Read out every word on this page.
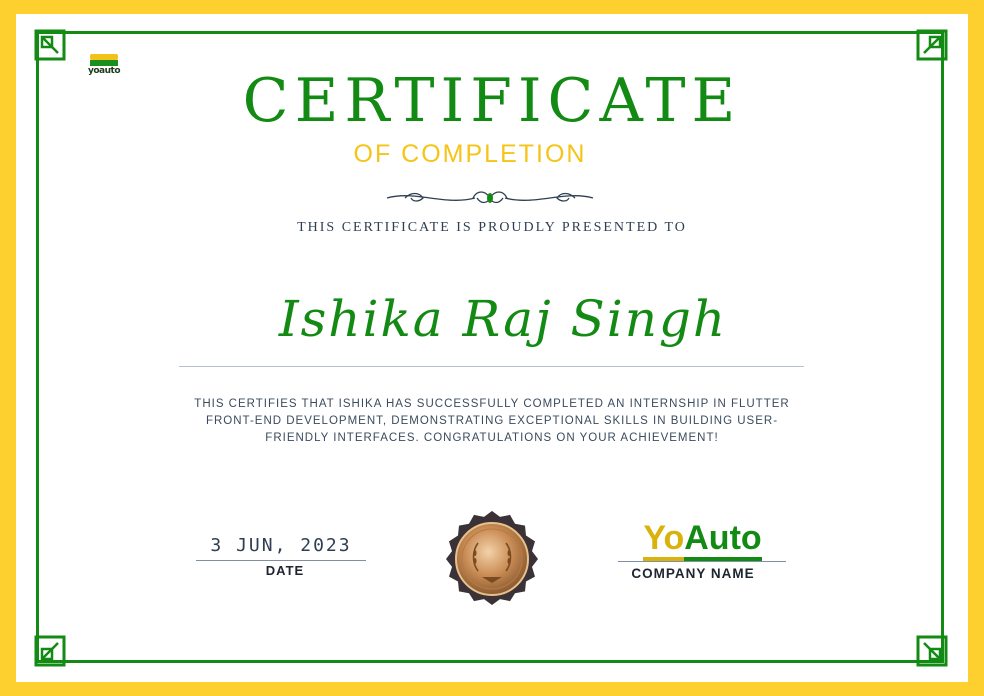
yoauto	CERTIFICATE
OF COMPLETION
THIS CERTIFICATE IS PROUDLY PRESENTED TO
Ishika Raj Singh
THIS CERTIFIES THAT ISHIKA HAS SUCCESSFULLY COMPLETED AN INTERNSHIP IN FLUTTER FRONT-END DEVELOPMENT, DEMONSTRATING EXCEPTIONAL SKILLS IN BUILDING USER-FRIENDLY INTERFACES. CONGRATULATIONS ON YOUR ACHIEVEMENT!
3 JUN, 2023
DATE
YoAuto
COMPANY NAME
